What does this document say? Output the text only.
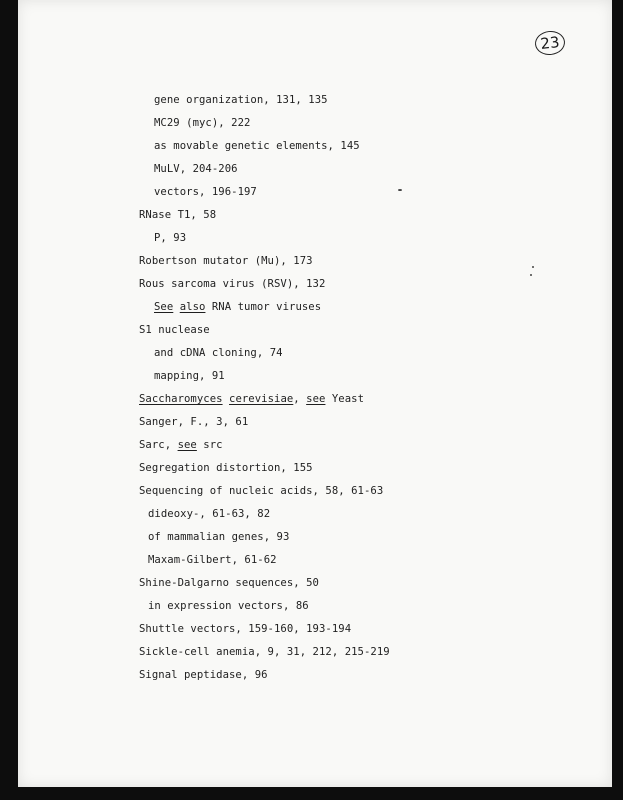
23
gene organization, 131, 135
MC29 (myc), 222
as movable genetic elements, 145
MuLV, 204-206
vectors, 196-197
RNase T1, 58
P, 93
Robertson mutator (Mu), 173
Rous sarcoma virus (RSV), 132
See also RNA tumor viruses
S1 nuclease
and cDNA cloning, 74
mapping, 91
Saccharomyces cerevisiae, see Yeast
Sanger, F., 3, 61
Sarc, see src
Segregation distortion, 155
Sequencing of nucleic acids, 58, 61-63
dideoxy-, 61-63, 82
of mammalian genes, 93
Maxam-Gilbert, 61-62
Shine-Dalgarno sequences, 50
in expression vectors, 86
Shuttle vectors, 159-160, 193-194
Sickle-cell anemia, 9, 31, 212, 215-219
Signal peptidase, 96
